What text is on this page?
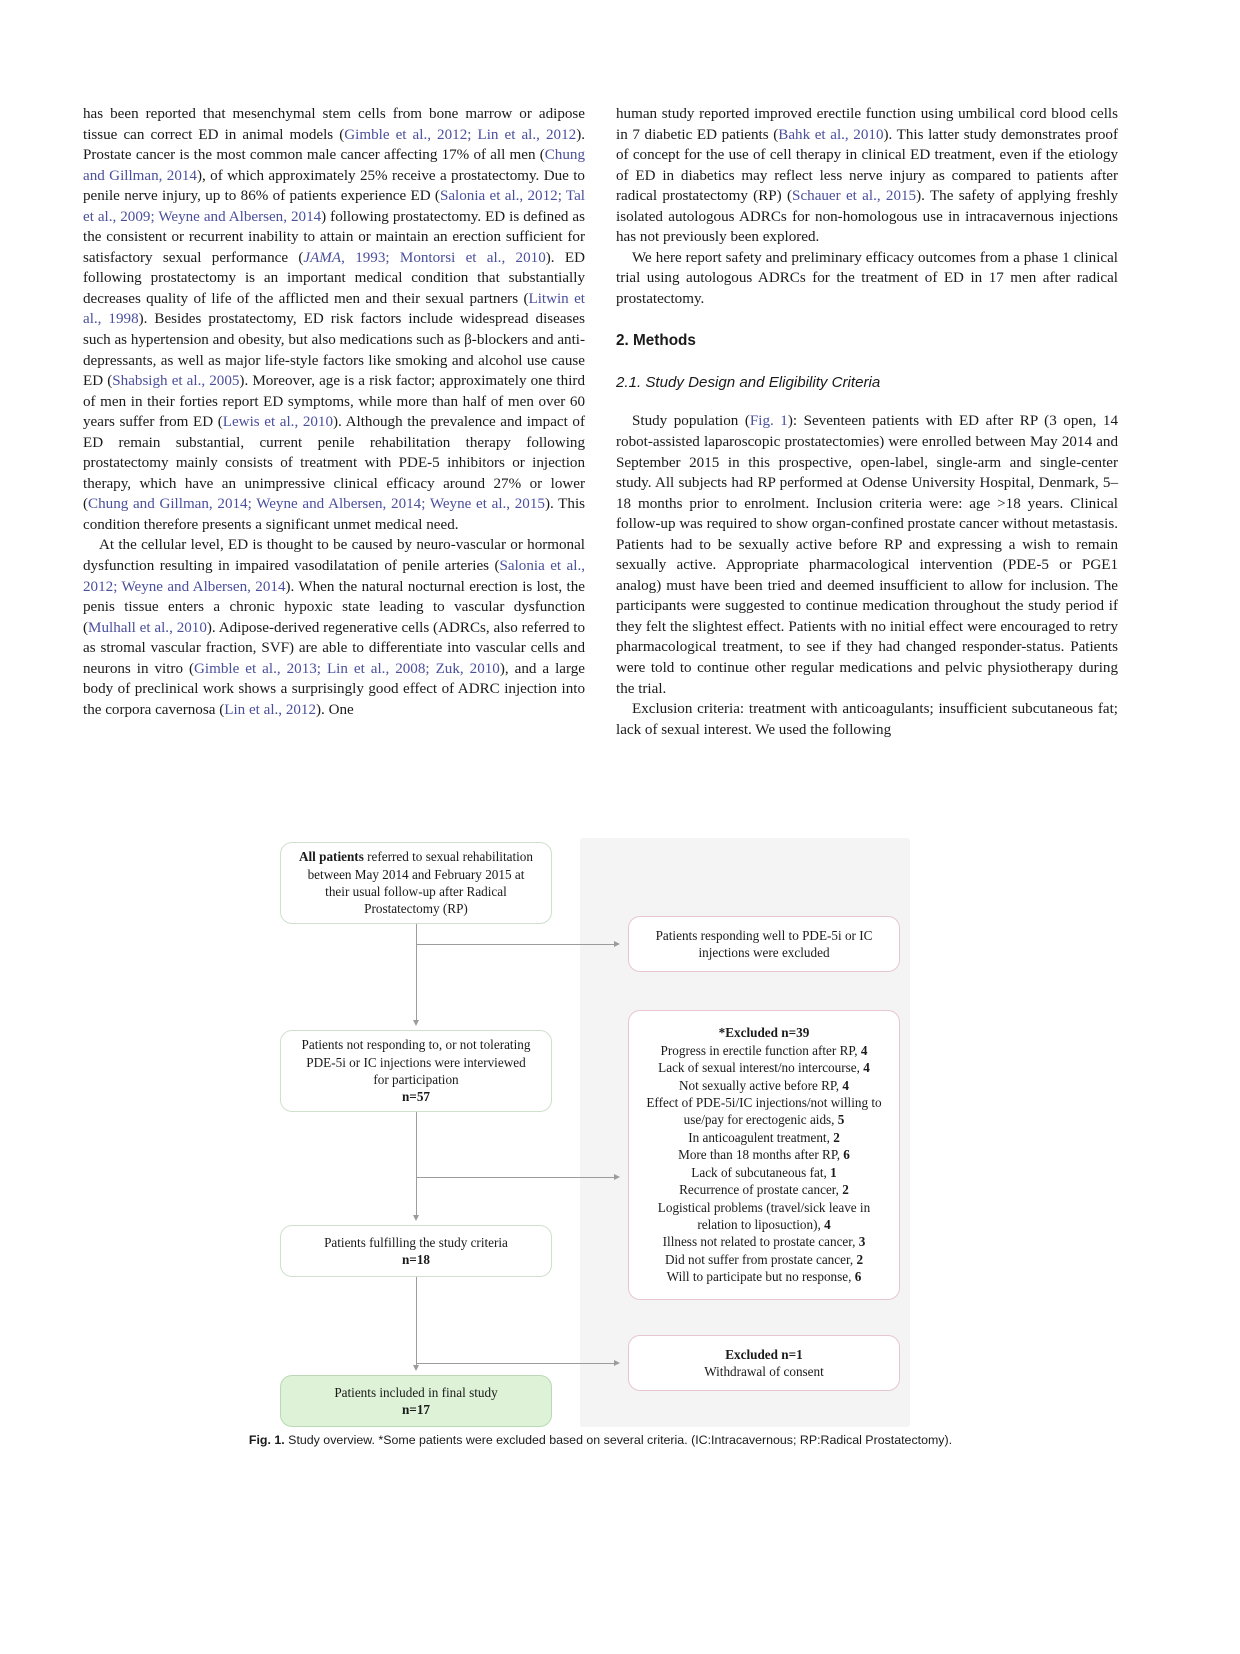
has been reported that mesenchymal stem cells from bone marrow or adipose tissue can correct ED in animal models (Gimble et al., 2012; Lin et al., 2012). Prostate cancer is the most common male cancer affecting 17% of all men (Chung and Gillman, 2014), of which approximately 25% receive a prostatectomy. Due to penile nerve injury, up to 86% of patients experience ED (Salonia et al., 2012; Tal et al., 2009; Weyne and Albersen, 2014) following prostatectomy. ED is defined as the consistent or recurrent inability to attain or maintain an erection sufficient for satisfactory sexual performance (JAMA, 1993; Montorsi et al., 2010). ED following prostatectomy is an important medical condition that substantially decreases quality of life of the afflicted men and their sexual partners (Litwin et al., 1998). Besides prostatectomy, ED risk factors include widespread diseases such as hypertension and obesity, but also medications such as β-blockers and anti-depressants, as well as major life-style factors like smoking and alcohol use cause ED (Shabsigh et al., 2005). Moreover, age is a risk factor; approximately one third of men in their forties report ED symptoms, while more than half of men over 60 years suffer from ED (Lewis et al., 2010). Although the prevalence and impact of ED remain substantial, current penile rehabilitation therapy following prostatectomy mainly consists of treatment with PDE-5 inhibitors or injection therapy, which have an unimpressive clinical efficacy around 27% or lower (Chung and Gillman, 2014; Weyne and Albersen, 2014; Weyne et al., 2015). This condition therefore presents a significant unmet medical need.

At the cellular level, ED is thought to be caused by neuro-vascular or hormonal dysfunction resulting in impaired vasodilatation of penile arteries (Salonia et al., 2012; Weyne and Albersen, 2014). When the natural nocturnal erection is lost, the penis tissue enters a chronic hypoxic state leading to vascular dysfunction (Mulhall et al., 2010). Adipose-derived regenerative cells (ADRCs, also referred to as stromal vascular fraction, SVF) are able to differentiate into vascular cells and neurons in vitro (Gimble et al., 2013; Lin et al., 2008; Zuk, 2010), and a large body of preclinical work shows a surprisingly good effect of ADRC injection into the corpora cavernosa (Lin et al., 2012). One

human study reported improved erectile function using umbilical cord blood cells in 7 diabetic ED patients (Bahk et al., 2010). This latter study demonstrates proof of concept for the use of cell therapy in clinical ED treatment, even if the etiology of ED in diabetics may reflect less nerve injury as compared to patients after radical prostatectomy (RP) (Schauer et al., 2015). The safety of applying freshly isolated autologous ADRCs for non-homologous use in intracavernous injections has not previously been explored.

We here report safety and preliminary efficacy outcomes from a phase 1 clinical trial using autologous ADRCs for the treatment of ED in 17 men after radical prostatectomy.

2. Methods
2.1. Study Design and Eligibility Criteria

Study population (Fig. 1): Seventeen patients with ED after RP (3 open, 14 robot-assisted laparoscopic prostatectomies) were enrolled between May 2014 and September 2015 in this prospective, open-label, single-arm and single-center study. All subjects had RP performed at Odense University Hospital, Denmark, 5–18 months prior to enrolment. Inclusion criteria were: age >18 years. Clinical follow-up was required to show organ-confined prostate cancer without metastasis. Patients had to be sexually active before RP and expressing a wish to remain sexually active. Appropriate pharmacological intervention (PDE-5 or PGE1 analog) must have been tried and deemed insufficient to allow for inclusion. The participants were suggested to continue medication throughout the study period if they felt the slightest effect. Patients with no initial effect were encouraged to retry pharmacological treatment, to see if they had changed responder-status. Patients were told to continue other regular medications and pelvic physiotherapy during the trial.

Exclusion criteria: treatment with anticoagulants; insufficient subcutaneous fat; lack of sexual interest. We used the following

All patients referred to sexual rehabilitation
between May 2014 and February 2015 at
their usual follow-up after Radical
Prostatectomy (RP)
Patients responding well to PDE-5i or IC
injections were excluded
Patients not responding to, or not tolerating
PDE-5i or IC injections were interviewed
for participation
n=57
*Excluded n=39
Progress in erectile function after RP, 4
Lack of sexual interest/no intercourse, 4
Not sexually active before RP, 4
Effect of PDE-5i/IC injections/not willing to
use/pay for erectogenic aids, 5
In anticoagulent treatment, 2
More than 18 months after RP, 6
Lack of subcutaneous fat, 1
Recurrence of prostate cancer, 2
Logistical problems (travel/sick leave in
relation to liposuction), 4
Illness not related to prostate cancer, 3
Did not suffer from prostate cancer, 2
Will to participate but no response, 6
Patients fulfilling the study criteria
n=18
Excluded n=1
Withdrawal of consent
Patients included in final study
n=17
Fig. 1. Study overview. *Some patients were excluded based on several criteria. (IC:Intracavernous; RP:Radical Prostatectomy).
